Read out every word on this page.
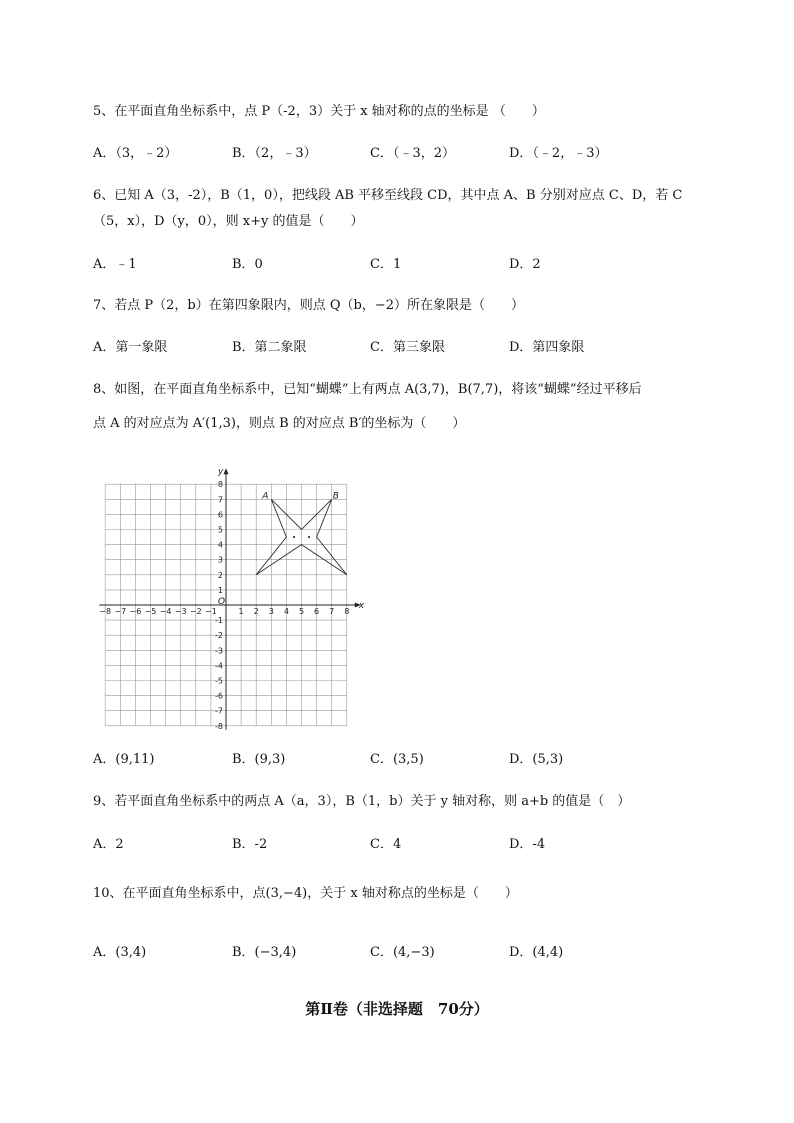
5、在平面直角坐标系中，点 P（-2，3）关于 x 轴对称的点的坐标是 （　　）
A．（3，﹣2）	B．（2，﹣3）	C．（﹣3，2）	D．（﹣2，﹣3）
6、已知 A（3，-2），B（1，0），把线段 AB 平移至线段 CD，其中点 A、B 分别对应点 C、D，若 C
（5，x），D（y，0），则 x+y 的值是（　　）
A．﹣1	B．0	C．1	D．2
7、若点 P（2，b）在第四象限内，则点 Q（b，−2）所在象限是（　　）
A．第一象限	B．第二象限	C．第三象限	D．第四象限
8、如图，在平面直角坐标系中，已知“蝴蝶”上有两点 A(3,7)，B(7,7)，将该“蝴蝶”经过平移后
点 A 的对应点为 A′(1,3)，则点 B 的对应点 B′的坐标为（　　）
−8 −7 −6 −5 −4 −3 −2 −1	1 2 3 4 5 6 7 8
8
7
6
5
4
3
2
1
-1
-2
-3
-4
-5
-6
-7
-8
A	B
x
y
O
A．(9,11)	B．(9,3)	C．(3,5)	D．(5,3)
9、若平面直角坐标系中的两点 A（a，3），B（1，b）关于 y 轴对称，则 a+b 的值是（　）
A．2	B．-2	C．4	D．-4
10、在平面直角坐标系中，点(3,−4)，关于 x 轴对称点的坐标是（　　）
A．(3,4)	B．(−3,4)	C．(4,−3)	D．(4,4)
第Ⅱ卷（非选择题　70分）
